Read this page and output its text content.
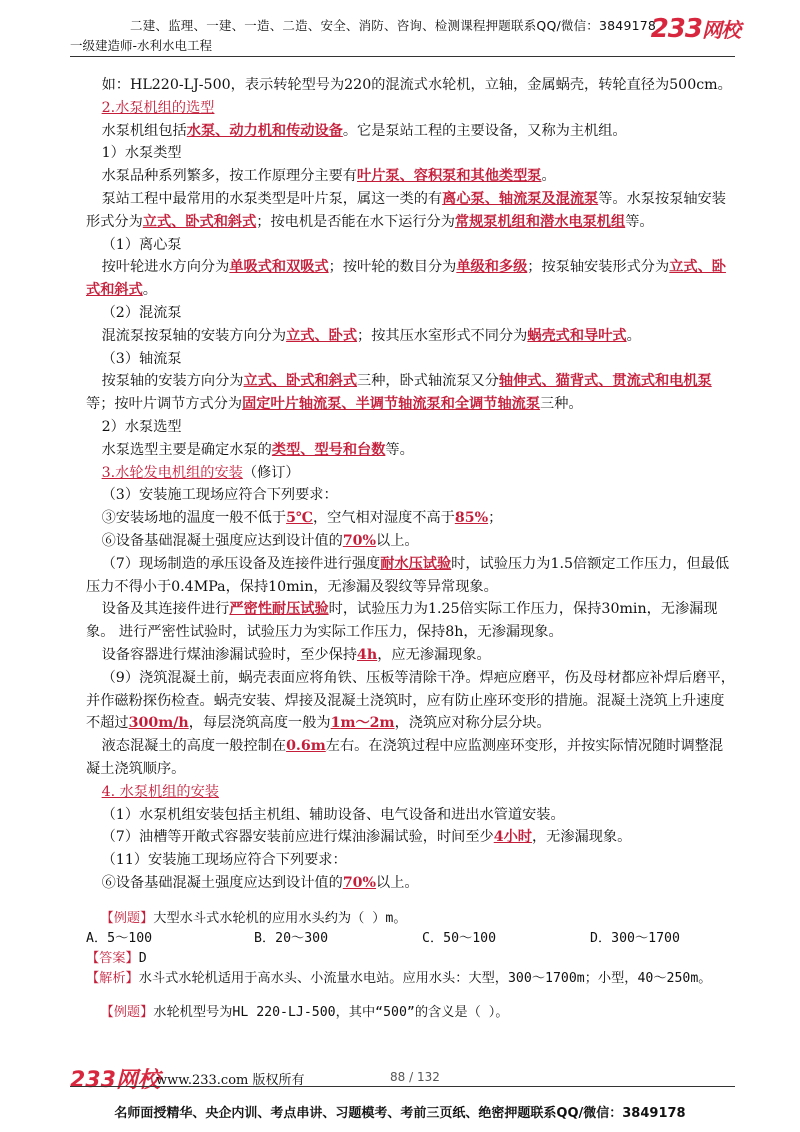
二建、监理、一建、一造、二造、安全、消防、咨询、检测课程押题联系QQ/微信：3849178
一级建造师-水利水电工程
233网校

如：HL220-LJ-500，表示转轮型号为220的混流式水轮机，立轴，金属蜗壳，转轮直径为500cm。

2.水泵机组的选型

水泵机组包括水泵、动力机和传动设备。它是泵站工程的主要设备，又称为主机组。

1）水泵类型

水泵品种系列繁多，按工作原理分主要有叶片泵、容积泵和其他类型泵。

泵站工程中最常用的水泵类型是叶片泵，属这一类的有离心泵、轴流泵及混流泵等。水泵按泵轴安装形式分为立式、卧式和斜式；按电机是否能在水下运行分为常规泵机组和潜水电泵机组等。

（1）离心泵

按叶轮进水方向分为单吸式和双吸式；按叶轮的数目分为单级和多级；按泵轴安装形式分为立式、卧式和斜式。

（2）混流泵

混流泵按泵轴的安装方向分为立式、卧式；按其压水室形式不同分为蜗壳式和导叶式。

（3）轴流泵

按泵轴的安装方向分为立式、卧式和斜式三种，卧式轴流泵又分轴伸式、猫背式、贯流式和电机泵等；按叶片调节方式分为固定叶片轴流泵、半调节轴流泵和全调节轴流泵三种。

2）水泵选型

水泵选型主要是确定水泵的类型、型号和台数等。

3.水轮发电机组的安装（修订）

（3）安装施工现场应符合下列要求：

③安装场地的温度一般不低于5℃，空气相对湿度不高于85%；

⑥设备基础混凝土强度应达到设计值的70%以上。

（7）现场制造的承压设备及连接件进行强度耐水压试验时，试验压力为1.5倍额定工作压力，但最低压力不得小于0.4MPa，保持10min，无渗漏及裂纹等异常现象。

设备及其连接件进行严密性耐压试验时，试验压力为1.25倍实际工作压力，保持30min，无渗漏现象。 进行严密性试验时，试验压力为实际工作压力，保持8h，无渗漏现象。

设备容器进行煤油渗漏试验时，至少保持4h，应无渗漏现象。

（9）浇筑混凝土前，蜗壳表面应将角铁、压板等清除干净。焊疤应磨平，伤及母材都应补焊后磨平，并作磁粉探伤检查。蜗壳安装、焊接及混凝土浇筑时，应有防止座环变形的措施。混凝土浇筑上升速度不超过300m/h，每层浇筑高度一般为1m～2m，浇筑应对称分层分块。

液态混凝土的高度一般控制在0.6m左右。在浇筑过程中应监测座环变形，并按实际情况随时调整混凝土浇筑顺序。

4. 水泵机组的安装

（1）水泵机组安装包括主机组、辅助设备、电气设备和进出水管道安装。

（7）油槽等开敞式容器安装前应进行煤油渗漏试验，时间至少4小时，无渗漏现象。

（11）安装施工现场应符合下列要求：

⑥设备基础混凝土强度应达到设计值的70%以上。

【例题】大型水斗式水轮机的应用水头约为（ ）m。

A．5～100	B．20～300	C．50～100	D．300～1700

【答案】D

【解析】水斗式水轮机适用于高水头、小流量水电站。应用水头：大型，300～1700m；小型，40～250m。

【例题】水轮机型号为HL 220-LJ-500，其中“500”的含义是（ ）。

233网校
www.233.com 版权所有	88 / 132
名师面授精华、央企内训、考点串讲、习题模考、考前三页纸、绝密押题联系QQ/微信：3849178
